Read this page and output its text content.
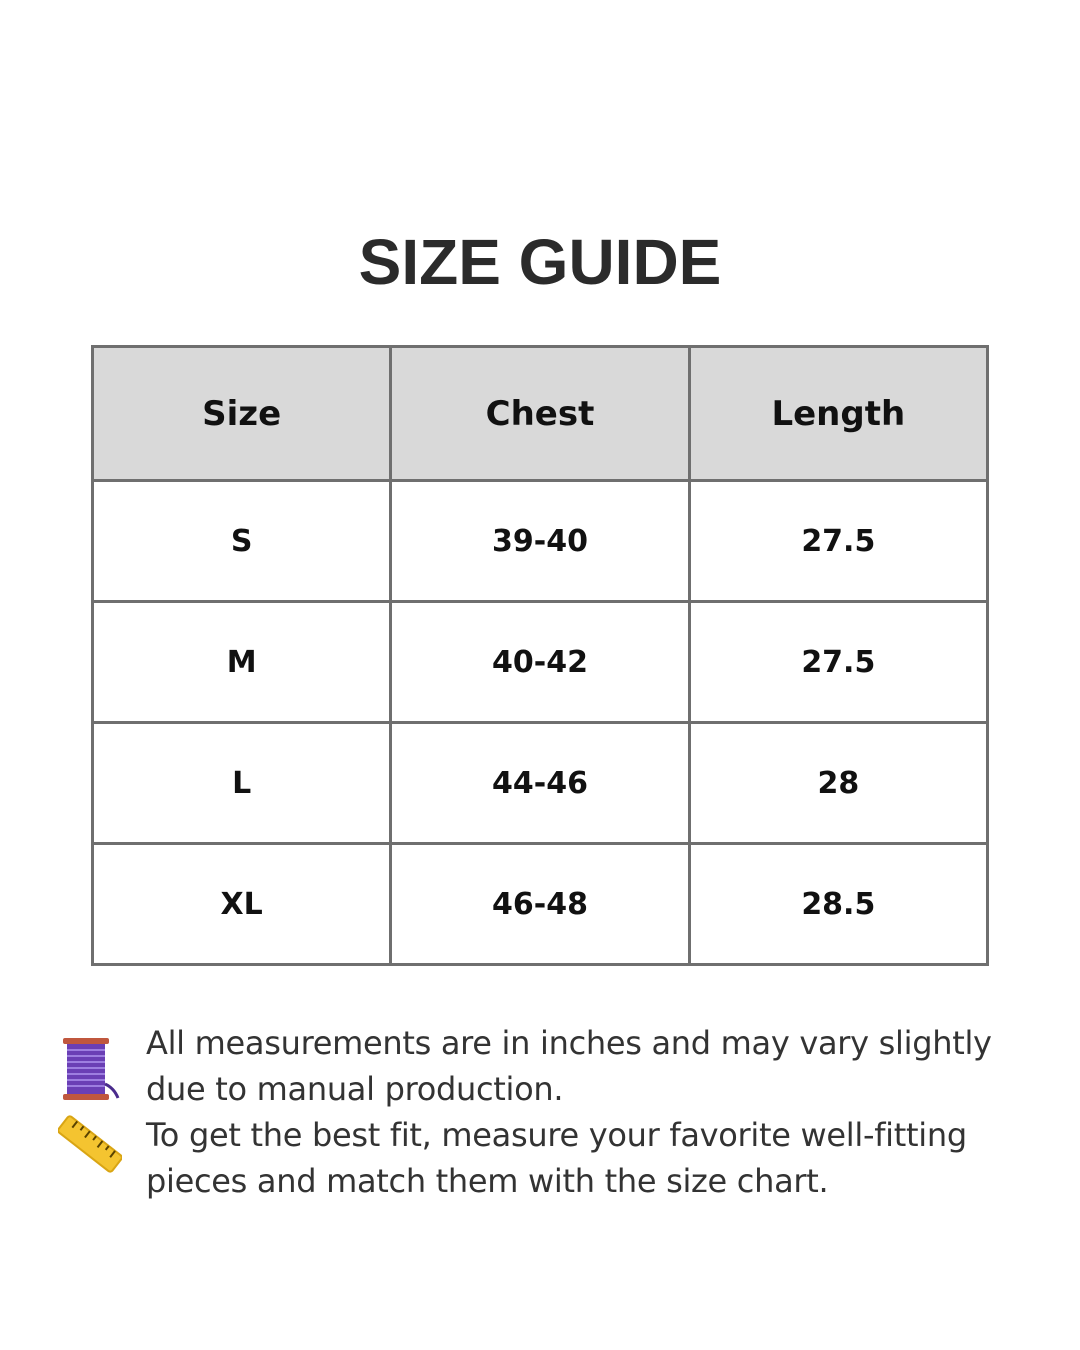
SIZE GUIDE
Size	Chest	Length
S	39-40	27.5
M	40-42	27.5
L	44-46	28
XL	46-48	28.5
All measurements are in inches and may vary slightly due to manual production.
To get the best fit, measure your favorite well-fitting pieces and match them with the size chart.
